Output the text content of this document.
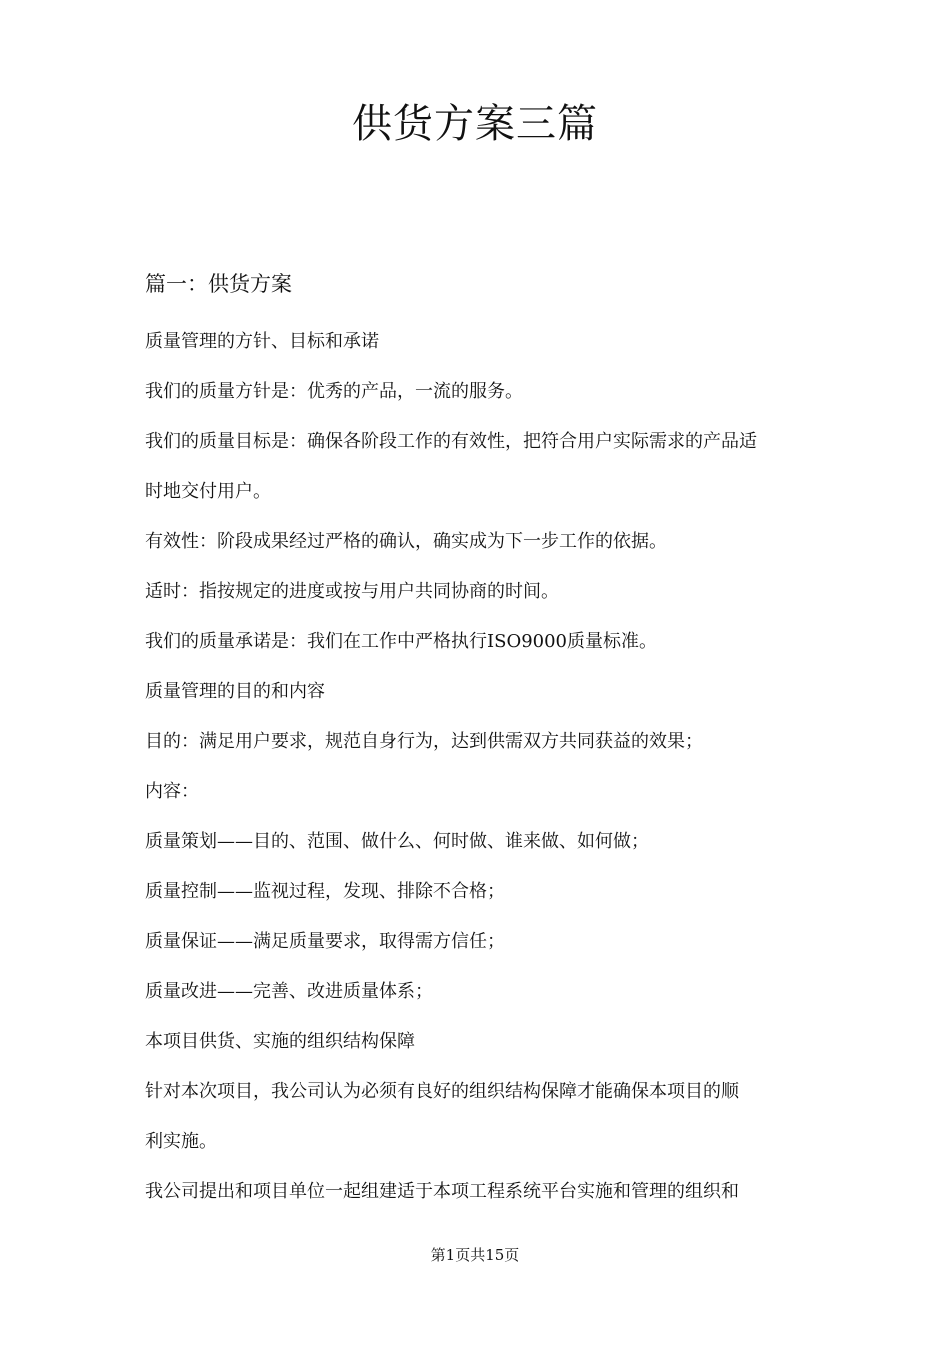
供货方案三篇
篇一：供货方案
质量管理的方针、目标和承诺
我们的质量方针是：优秀的产品，一流的服务。
我们的质量目标是：确保各阶段工作的有效性，把符合用户实际需求的产品适
时地交付用户。
有效性：阶段成果经过严格的确认，确实成为下一步工作的依据。
适时：指按规定的进度或按与用户共同协商的时间。
我们的质量承诺是：我们在工作中严格执行ISO9000质量标准。
质量管理的目的和内容
目的：满足用户要求，规范自身行为，达到供需双方共同获益的效果；
内容：
质量策划——目的、范围、做什么、何时做、谁来做、如何做；
质量控制——监视过程，发现、排除不合格；
质量保证——满足质量要求，取得需方信任；
质量改进——完善、改进质量体系；
本项目供货、实施的组织结构保障
针对本次项目，我公司认为必须有良好的组织结构保障才能确保本项目的顺
利实施。
我公司提出和项目单位一起组建适于本项工程系统平台实施和管理的组织和
第1页共15页
